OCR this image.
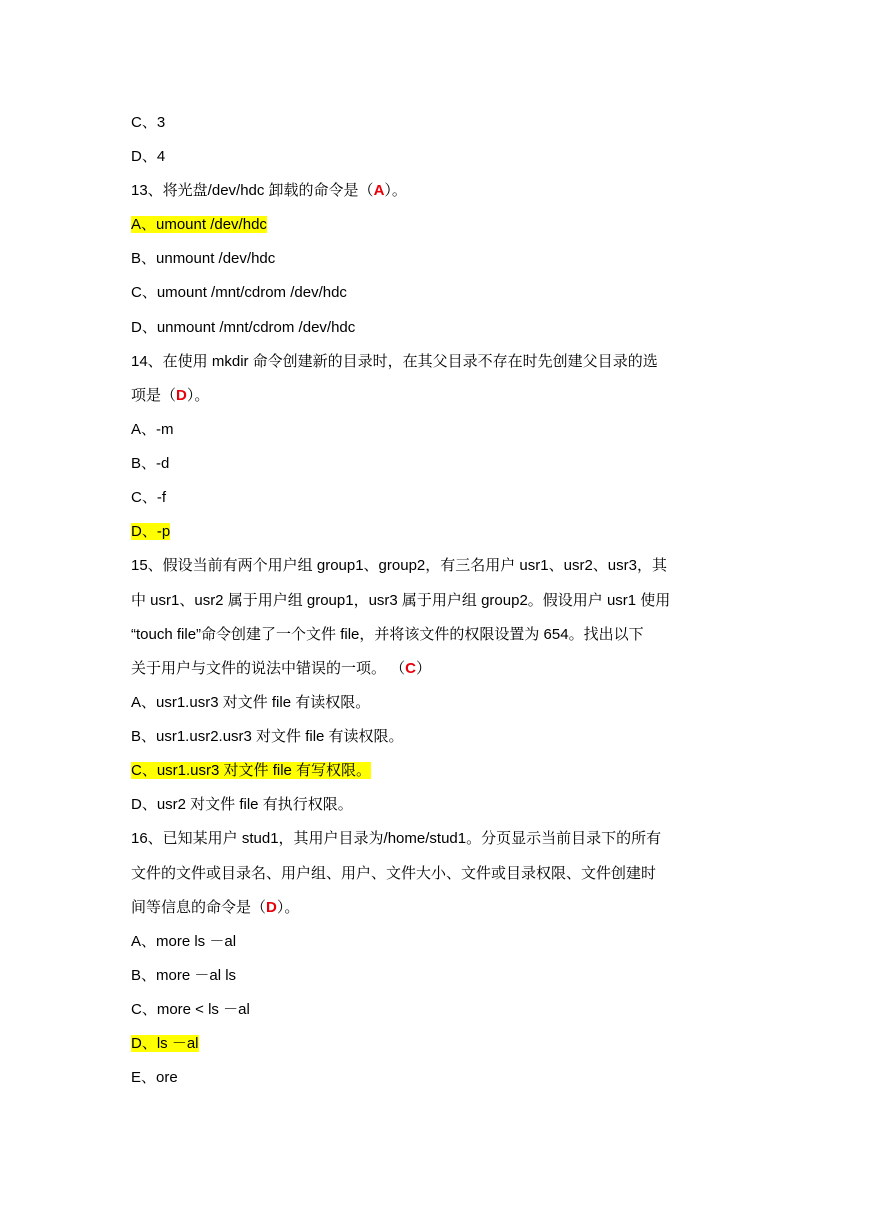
C、3
D、4
13、将光盘/dev/hdc 卸载的命令是（A）。
A、umount /dev/hdc
B、unmount /dev/hdc
C、umount /mnt/cdrom /dev/hdc
D、unmount /mnt/cdrom /dev/hdc
14、在使用 mkdir 命令创建新的目录时，在其父目录不存在时先创建父目录的选
项是（D）。
A、-m
B、-d
C、-f
D、-p
15、假设当前有两个用户组 group1、group2，有三名用户 usr1、usr2、usr3，其
中 usr1、usr2 属于用户组 group1，usr3 属于用户组 group2。假设用户 usr1 使用
“touch file”命令创建了一个文件 file，并将该文件的权限设置为 654。找出以下
关于用户与文件的说法中错误的一项。 （C）
A、usr1.usr3 对文件 file 有读权限。
B、usr1.usr2.usr3 对文件 file 有读权限。
C、usr1.usr3 对文件 file 有写权限。
D、usr2 对文件 file 有执行权限。
16、已知某用户 stud1，其用户目录为/home/stud1。分页显示当前目录下的所有
文件的文件或目录名、用户组、用户、文件大小、文件或目录权限、文件创建时
间等信息的命令是（D）。
A、more ls －al
B、more －al ls
C、more < ls －al
D、ls －al
E、ore
